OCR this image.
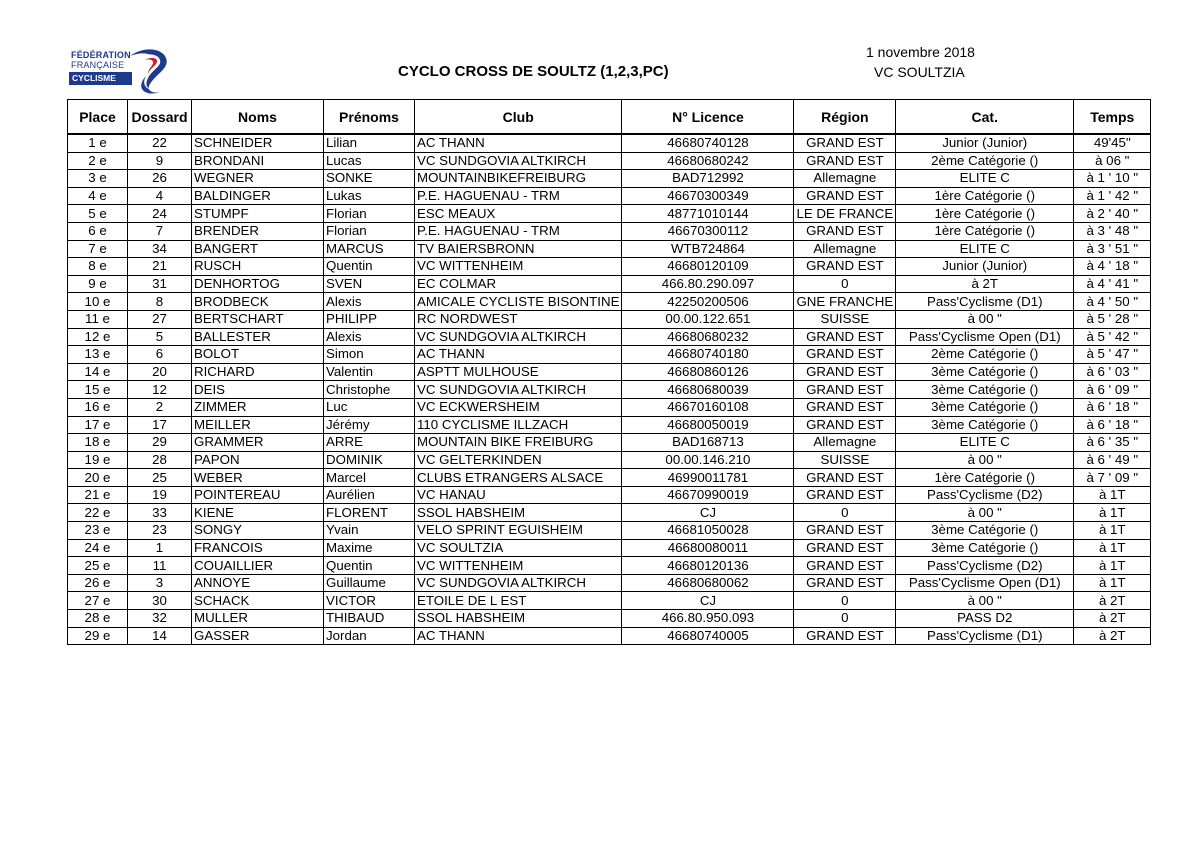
FÉDÉRATION
FRANÇAISE
CYCLISME	CYCLO CROSS DE SOULTZ (1,2,3,PC)
1 novembre 2018
VC SOULTZIA
Place	Dossard	Noms	Prénoms	Club	N° Licence	Région	Cat.	Temps
1 e	22	SCHNEIDER	Lilian	AC THANN	46680740128	GRAND EST	Junior (Junior)	49'45"
2 e	9	BRONDANI	Lucas	VC SUNDGOVIA ALTKIRCH	46680680242	GRAND EST	2ème Catégorie ()	à 06 "
3 e	26	WEGNER	SONKE	MOUNTAINBIKEFREIBURG	BAD712992	Allemagne	ELITE C	à 1 ' 10 "
4 e	4	BALDINGER	Lukas	P.E. HAGUENAU - TRM	46670300349	GRAND EST	1ère Catégorie ()	à 1 ' 42 "
5 e	24	STUMPF	Florian	ESC MEAUX	48771010144	LE DE FRANCE	1ère Catégorie ()	à 2 ' 40 "
6 e	7	BRENDER	Florian	P.E. HAGUENAU - TRM	46670300112	GRAND EST	1ère Catégorie ()	à 3 ' 48 "
7 e	34	BANGERT	MARCUS	TV BAIERSBRONN	WTB724864	Allemagne	ELITE C	à 3 ' 51 "
8 e	21	RUSCH	Quentin	VC WITTENHEIM	46680120109	GRAND EST	Junior (Junior)	à 4 ' 18 "
9 e	31	DENHORTOG	SVEN	EC COLMAR	466.80.290.097	0	à 2T	à 4 ' 41 "
10 e	8	BRODBECK	Alexis	AMICALE CYCLISTE BISONTINE	42250200506	GNE FRANCHE	Pass'Cyclisme (D1)	à 4 ' 50 "
11 e	27	BERTSCHART	PHILIPP	RC NORDWEST	00.00.122.651	SUISSE	à 00 "	à 5 ' 28 "
12 e	5	BALLESTER	Alexis	VC SUNDGOVIA ALTKIRCH	46680680232	GRAND EST	Pass'Cyclisme Open (D1)	à 5 ' 42 "
13 e	6	BOLOT	Simon	AC THANN	46680740180	GRAND EST	2ème Catégorie ()	à 5 ' 47 "
14 e	20	RICHARD	Valentin	ASPTT MULHOUSE	46680860126	GRAND EST	3ème Catégorie ()	à 6 ' 03 "
15 e	12	DEIS	Christophe	VC SUNDGOVIA ALTKIRCH	46680680039	GRAND EST	3ème Catégorie ()	à 6 ' 09 "
16 e	2	ZIMMER	Luc	VC ECKWERSHEIM	46670160108	GRAND EST	3ème Catégorie ()	à 6 ' 18 "
17 e	17	MEILLER	Jérémy	110 CYCLISME ILLZACH	46680050019	GRAND EST	3ème Catégorie ()	à 6 ' 18 "
18 e	29	GRAMMER	ARRE	MOUNTAIN BIKE FREIBURG	BAD168713	Allemagne	ELITE C	à 6 ' 35 "
19 e	28	PAPON	DOMINIK	VC GELTERKINDEN	00.00.146.210	SUISSE	à 00 "	à 6 ' 49 "
20 e	25	WEBER	Marcel	CLUBS ETRANGERS ALSACE	46990011781	GRAND EST	1ère Catégorie ()	à 7 ' 09 "
21 e	19	POINTEREAU	Aurélien	VC HANAU	46670990019	GRAND EST	Pass'Cyclisme (D2)	à 1T
22 e	33	KIENE	FLORENT	SSOL HABSHEIM	CJ	0	à 00 "	à 1T
23 e	23	SONGY	Yvain	VELO SPRINT EGUISHEIM	46681050028	GRAND EST	3ème Catégorie ()	à 1T
24 e	1	FRANCOIS	Maxime	VC SOULTZIA	46680080011	GRAND EST	3ème Catégorie ()	à 1T
25 e	11	COUAILLIER	Quentin	VC WITTENHEIM	46680120136	GRAND EST	Pass'Cyclisme (D2)	à 1T
26 e	3	ANNOYE	Guillaume	VC SUNDGOVIA ALTKIRCH	46680680062	GRAND EST	Pass'Cyclisme Open (D1)	à 1T
27 e	30	SCHACK	VICTOR	ETOILE DE L EST	CJ	0	à 00 "	à 2T
28 e	32	MULLER	THIBAUD	SSOL HABSHEIM	466.80.950.093	0	PASS D2	à 2T
29 e	14	GASSER	Jordan	AC THANN	46680740005	GRAND EST	Pass'Cyclisme (D1)	à 2T
